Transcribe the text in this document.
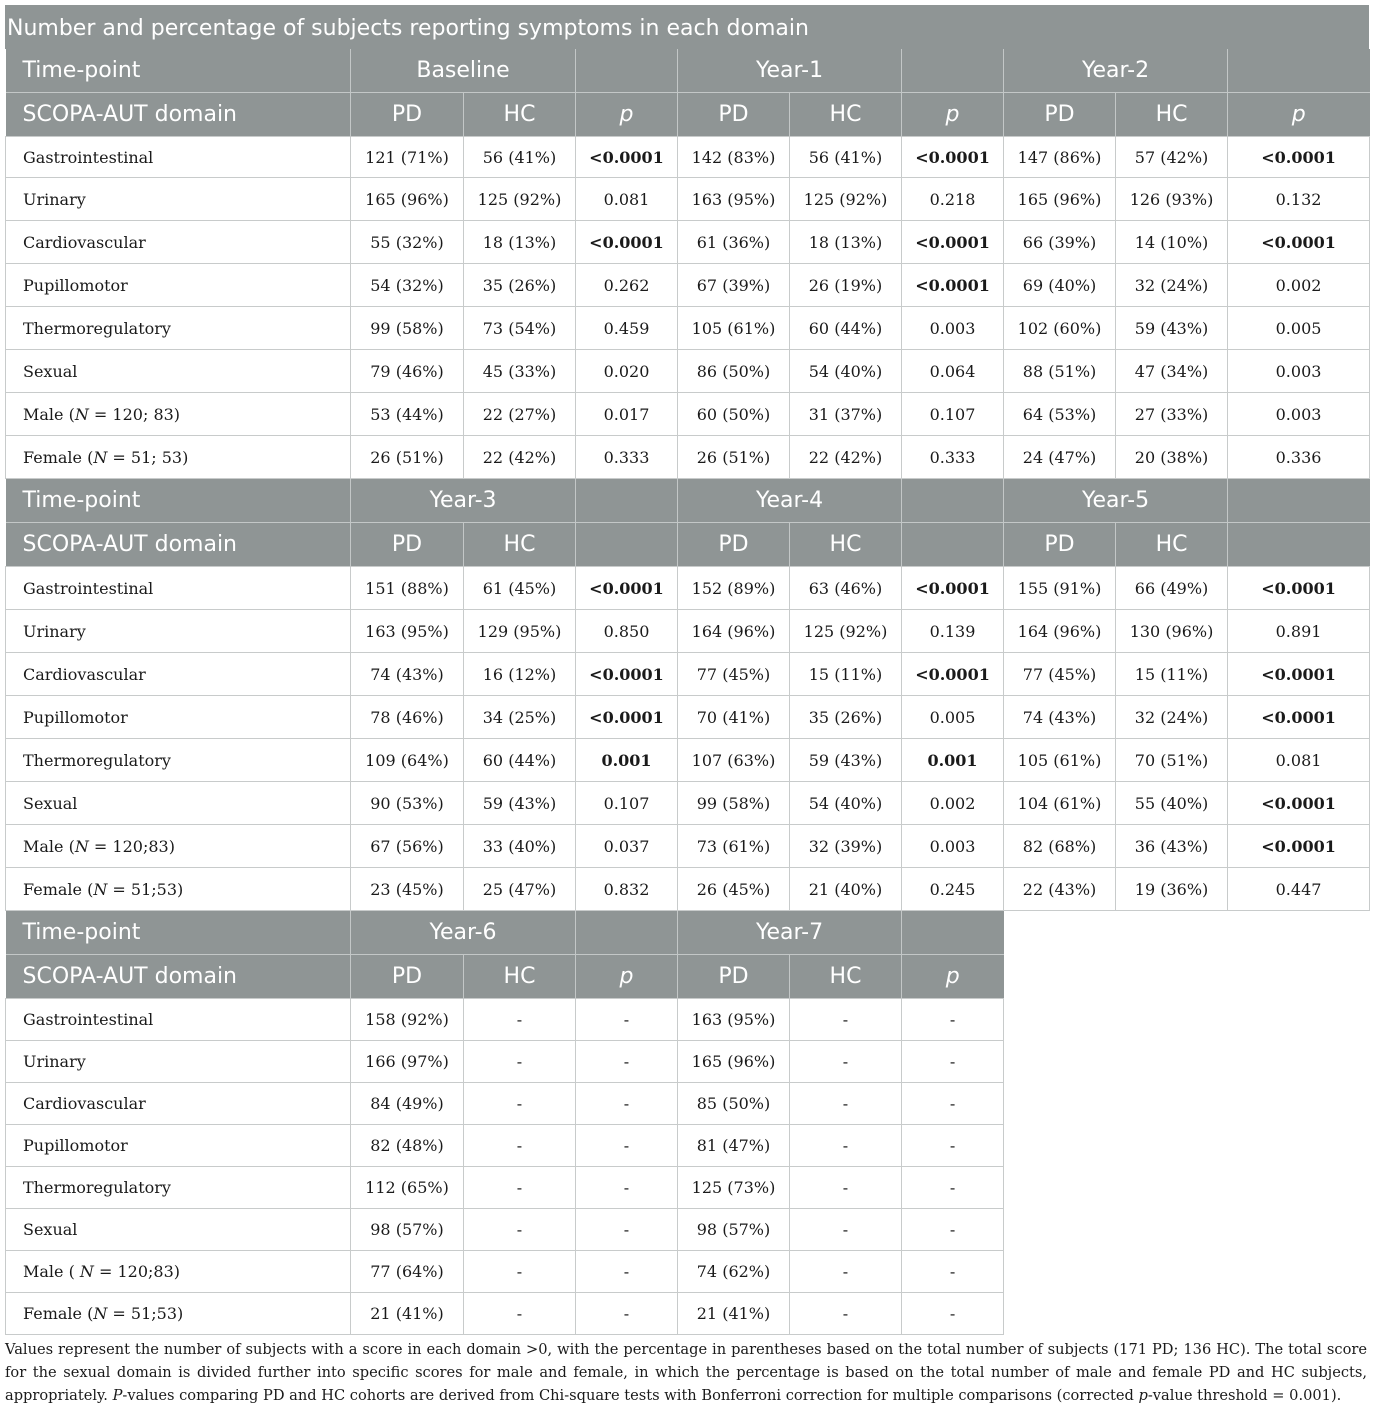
Number and percentage of subjects reporting symptoms in each domain
Time-point	Baseline			Year-1			Year-2		
SCOPA-AUT domain	PD	HC	p	PD	HC	p	PD	HC	p
Gastrointestinal	121 (71%)	56 (41%)	<0.0001	142 (83%)	56 (41%)	<0.0001	147 (86%)	57 (42%)	<0.0001
Urinary	165 (96%)	125 (92%)	0.081	163 (95%)	125 (92%)	0.218	165 (96%)	126 (93%)	0.132
Cardiovascular	55 (32%)	18 (13%)	<0.0001	61 (36%)	18 (13%)	<0.0001	66 (39%)	14 (10%)	<0.0001
Pupillomotor	54 (32%)	35 (26%)	0.262	67 (39%)	26 (19%)	<0.0001	69 (40%)	32 (24%)	0.002
Thermoregulatory	99 (58%)	73 (54%)	0.459	105 (61%)	60 (44%)	0.003	102 (60%)	59 (43%)	0.005
Sexual	79 (46%)	45 (33%)	0.020	86 (50%)	54 (40%)	0.064	88 (51%)	47 (34%)	0.003
Male (N = 120; 83)	53 (44%)	22 (27%)	0.017	60 (50%)	31 (37%)	0.107	64 (53%)	27 (33%)	0.003
Female (N = 51; 53)	26 (51%)	22 (42%)	0.333	26 (51%)	22 (42%)	0.333	24 (47%)	20 (38%)	0.336
Time-point	Year-3			Year-4			Year-5		
SCOPA-AUT domain	PD	HC		PD	HC		PD	HC	
Gastrointestinal	151 (88%)	61 (45%)	<0.0001	152 (89%)	63 (46%)	<0.0001	155 (91%)	66 (49%)	<0.0001
Urinary	163 (95%)	129 (95%)	0.850	164 (96%)	125 (92%)	0.139	164 (96%)	130 (96%)	0.891
Cardiovascular	74 (43%)	16 (12%)	<0.0001	77 (45%)	15 (11%)	<0.0001	77 (45%)	15 (11%)	<0.0001
Pupillomotor	78 (46%)	34 (25%)	<0.0001	70 (41%)	35 (26%)	0.005	74 (43%)	32 (24%)	<0.0001
Thermoregulatory	109 (64%)	60 (44%)	0.001	107 (63%)	59 (43%)	0.001	105 (61%)	70 (51%)	0.081
Sexual	90 (53%)	59 (43%)	0.107	99 (58%)	54 (40%)	0.002	104 (61%)	55 (40%)	<0.0001
Male (N = 120;83)	67 (56%)	33 (40%)	0.037	73 (61%)	32 (39%)	0.003	82 (68%)	36 (43%)	<0.0001
Female (N = 51;53)	23 (45%)	25 (47%)	0.832	26 (45%)	21 (40%)	0.245	22 (43%)	19 (36%)	0.447
Time-point	Year-6			Year-7					
SCOPA-AUT domain	PD	HC	p	PD	HC	p			
Gastrointestinal	158 (92%)	-	-	163 (95%)	-	-			
Urinary	166 (97%)	-	-	165 (96%)	-	-			
Cardiovascular	84 (49%)	-	-	85 (50%)	-	-			
Pupillomotor	82 (48%)	-	-	81 (47%)	-	-			
Thermoregulatory	112 (65%)	-	-	125 (73%)	-	-			
Sexual	98 (57%)	-	-	98 (57%)	-	-			
Male ( N = 120;83)	77 (64%)	-	-	74 (62%)	-	-			
Female (N = 51;53)	21 (41%)	-	-	21 (41%)	-	-			
Values represent the number of subjects with a score in each domain >0, with the percentage in parentheses based on the total number of subjects (171 PD; 136 HC). The total score for the sexual domain is divided further into specific scores for male and female, in which the percentage is based on the total number of male and female PD and HC subjects, appropriately. P-values comparing PD and HC cohorts are derived from Chi-square tests with Bonferroni correction for multiple comparisons (corrected p-value threshold = 0.001).
